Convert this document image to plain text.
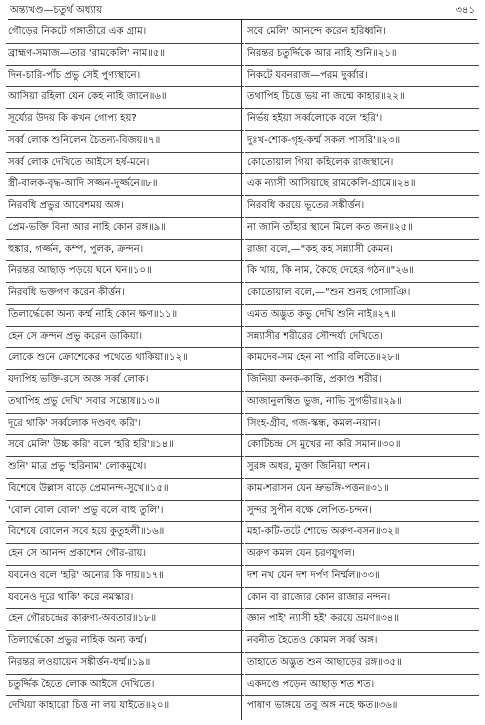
অন্ত্যখণ্ড—চতুর্থ অধ্যায়	৩৪১
গৌড়ের নিকটে গঙ্গাতীরে এক গ্রাম।
ব্রাহ্মণ-সমাজ—তার 'রামকেলি' নাম॥৫॥
দিন-চারি-পাঁচ প্রভু সেই পুণ্যস্থানে।
আসিয়া রহিলা যেন কেহ নাহি জানে॥৬॥
সূর্য্যের উদয় কি কখন গোপ্য হয়?
সর্ব্ব লোক শুনিলেন চৈতন্য-বিজয়॥৭॥
সর্ব্ব লোক দেখিতে আইসে হর্ষ-মনে।
স্ত্রী-বালক-বৃদ্ধ-আদি সজ্জন-দুর্জ্জনে॥৮॥
নিরবধি প্রভুর আবেশময় অঙ্গ।
প্রেম-ভক্তি বিনা আর নাহি কোন রঙ্গ॥৯॥
হুঙ্কার, গর্জ্জন, কম্প, পুলক, ক্রন্দন।
নিরন্তর আছাড় পড়য়ে ঘনে ঘন॥১০॥
নিরবধি ভক্তগণ করেন কীর্ত্তন।
তিলার্দ্ধেকো অন্য কর্ম্ম নাহি কোন ক্ষণ॥১১॥
হেন সে ক্রন্দন প্রভু করেন ডাকিয়া।
লোকে শুনে ক্রোশেকের পথেতে থাকিয়া॥১২॥
যদ্যপিহ ভক্তি-রসে অজ্ঞ সর্ব্ব লোক।
তথাপিহ প্রভু দেখি' সবার সন্তোষ॥১৩॥
দূরে থাকি' সর্ব্বলোক দণ্ডবৎ করি'।
সবে মেলি' উচ্চ করি' বলে 'হরি হরি'॥১৪॥
শুনি' মাত্র প্রভু 'হরিনাম' লোকমুখে।
বিশেষে উল্লাস বাড়ে প্রেমানন্দ-সুখে॥১৫॥
'বোল বোল বোল' প্রভু বলে বাহু তুলি'।
বিশেষে বোলেন সবে হয়ে কুতুহলী॥১৬॥
হেন সে আনন্দ প্রকাশেন গৌর-রায়।
যবনেও বলে 'হরি' অন্যের কি দায়॥১৭॥
যবনেও দূরে থাকি' করে নমস্কার।
হেন গৌরচন্দ্রের কারুণ্য-অবতার॥১৮॥
তিলার্দ্ধেকো প্রভুর নাহিক অন্য কর্ম্ম।
নিরন্তর লওয়ায়েন সঙ্কীর্ত্তন-ধর্ম্ম॥১৯॥
চতুর্দ্দিক হৈতে লোক আইসে দেখিতে।
দেখিয়া কাহারো চিত্ত না লয় যাইতে॥২০॥
সবে মেলি' আনন্দে করেন হরিধ্বনি।
নিরন্তর চতুর্দ্দিকে আর নাহি শুনি॥২১॥
নিকটে যবনরাজ—পরম দুর্ব্বার।
তথাপিহ চিত্তে ভয় না জন্মে কাহার॥২২॥
নির্ভয় হইয়া সর্ব্বলোকে বলে 'হরি'।
দুঃখ-শোক-গৃহ-কর্ম্ম সকল পাসরি'॥২৩॥
কোতোয়াল গিয়া কহিলেক রাজস্থানে।
এক ন্যাসী আসিয়াছে রামকেলি-গ্রামে॥২৪॥
নিরবধি করয়ে ভূতের সঙ্কীর্ত্তন।
না জানি তাঁহার স্থানে মিলে কত জন॥২৫॥
রাজা বলে,—"কহ কহ সন্ন্যাসী কেমন।
কি খায়, কি নাম, কৈছে দেহের গঠন॥"২৬॥
কোতোয়াল বলে,—"শুন শুনহ গোসাঞি।
এমত অদ্ভুত কভু দেখি শুনি নাই॥২৭॥
সন্ন্যাসীর শরীরের সৌন্দর্য্য দেখিতে।
কামদেব-সম হেন না পারি বলিতে॥২৮॥
জিনিয়া কনক-কান্তি, প্রকাণ্ড শরীর।
আজানুলম্বিত ভুজ, নাভি সুগভীর॥২৯॥
সিংহ-গ্রীব, গজ-স্কন্ধ, কমল-নয়ান।
কোটিচন্দ্র সে মুখের না করি সমান॥৩০॥
সুরঙ্গ অধর, মুক্তা জিনিয়া দশন।
কাম-শরাসন যেন ভ্রুভঙ্গি-পত্তন॥৩১॥
সুন্দর সুপীন বক্ষে লেপিত-চন্দন।
মহা-কটি-তটে শোভে অরুণ-বসন॥৩২॥
অরুণ কমল যেন চরণযুগল।
দশ নখ যেন দশ দর্পণ নির্ম্মল॥৩৩॥
কোন বা রাজ্যের কোন রাজার নন্দন।
জ্ঞান পাই' ন্যাসী হই' করয়ে ভ্রমণ॥৩৪॥
নবনীত হৈতেও কোমল সর্ব্ব অঙ্গ।
তাহাতে অদ্ভুত শুন আছাড়ের রঙ্গ॥৩৫॥
একদণ্ডে পড়েন আছাড় শত শত।
পাষাণ ভাঙ্গয়ে তবু অঙ্গ নহে ক্ষত॥৩৬॥
